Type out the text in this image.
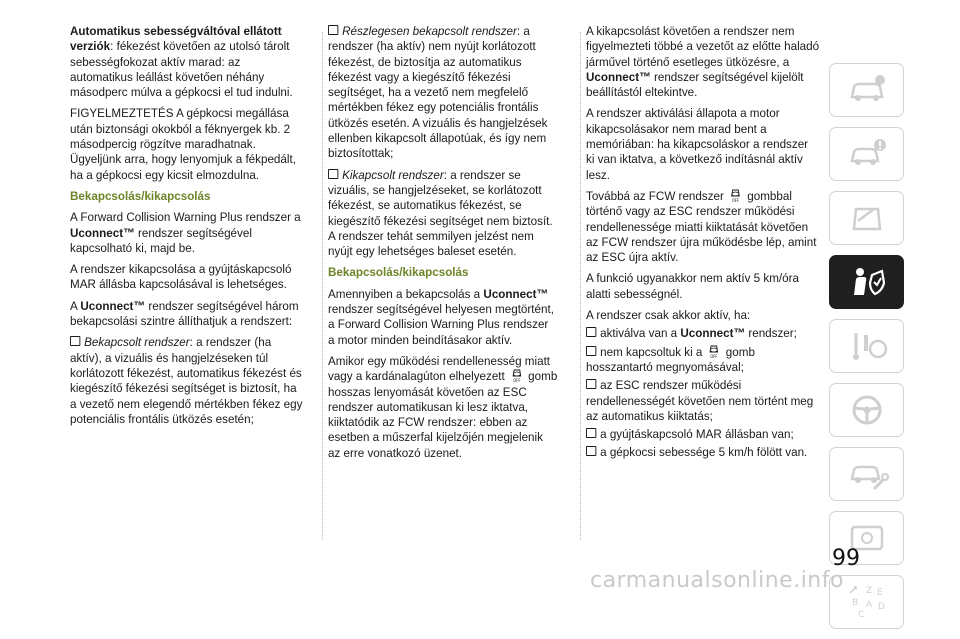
Automatikus sebességváltóval ellátott verziók: fékezést követően az utolsó tárolt sebességfokozat aktív marad: az automatikus leállást követően néhány másodperc múlva a gépkocsi el tud indulni.

FIGYELMEZTETÉS A gépkocsi megállása után biztonsági okokból a féknyergek kb. 2 másodpercig rögzítve maradhatnak. Ügyeljünk arra, hogy lenyomjuk a fékpedált, ha a gépkocsi egy kicsit elmozdulna.

Bekapcsolás/kikapcsolás

A Forward Collision Warning Plus rendszer a Uconnect™ rendszer segítségével kapcsolható ki, majd be.

A rendszer kikapcsolása a gyújtáskapcsoló MAR állásba kapcsolásával is lehetséges.

A Uconnect™ rendszer segítségével három bekapcsolási szintre állíthatjuk a rendszert:

Bekapcsolt rendszer: a rendszer (ha aktív), a vizuális és hangjelzéseken túl korlátozott fékezést, automatikus fékezést és kiegészítő fékezési segítséget is biztosít, ha a vezető nem elegendő mértékben fékez egy potenciális frontális ütközés esetén;

Részlegesen bekapcsolt rendszer: a rendszer (ha aktív) nem nyújt korlátozott fékezést, de biztosítja az automatikus fékezést vagy a kiegészítő fékezési segítséget, ha a vezető nem megfelelő mértékben fékez egy potenciális frontális ütközés esetén. A vizuális és hangjelzések ellenben kikapcsolt állapotúak, és így nem biztosítottak;

Kikapcsolt rendszer: a rendszer se vizuális, se hangjelzéseket, se korlátozott fékezést, se automatikus fékezést, se kiegészítő fékezési segítséget nem biztosít. A rendszer tehát semmilyen jelzést nem nyújt egy lehetséges baleset esetén.

Bekapcsolás/kikapcsolás

Amennyiben a bekapcsolás a Uconnect™ rendszer segítségével helyesen megtörtént, a Forward Collision Warning Plus rendszer a motor minden beindításakor aktív.

Amikor egy működési rendellenesség miatt vagy a kardánalagúton elhelyezett OFF gomb hosszas lenyomását követően az ESC rendszer automatikusan ki lesz iktatva, kiiktatódik az FCW rendszer: ebben az esetben a műszerfal kijelzőjén megjelenik az erre vonatkozó üzenet.

A kikapcsolást követően a rendszer nem figyelmezteti többé a vezetőt az előtte haladó járművel történő esetleges ütközésre, a Uconnect™ rendszer segítségével kijelölt beállítástól eltekintve.

A rendszer aktiválási állapota a motor kikapcsolásakor nem marad bent a memóriában: ha kikapcsoláskor a rendszer ki van iktatva, a következő indításnál aktív lesz.

Továbbá az FCW rendszer OFF gombbal történő vagy az ESC rendszer működési rendellenessége miatti kiiktatását követően az FCW rendszer újra működésbe lép, amint az ESC újra aktív.

A funkció ugyanakkor nem aktív 5 km/óra alatti sebességnél.

A rendszer csak akkor aktív, ha:

aktiválva van a Uconnect™ rendszer;

nem kapcsoltuk ki a OFF gomb hosszantartó megnyomásával;

az ESC rendszer működési rendellenességét követően nem történt meg az automatikus kiiktatás;

a gyújtáskapcsoló MAR állásban van;

a gépkocsi sebessége 5 km/h fölött van.

Z E
B A D
C
99
carmanualsonline.info
